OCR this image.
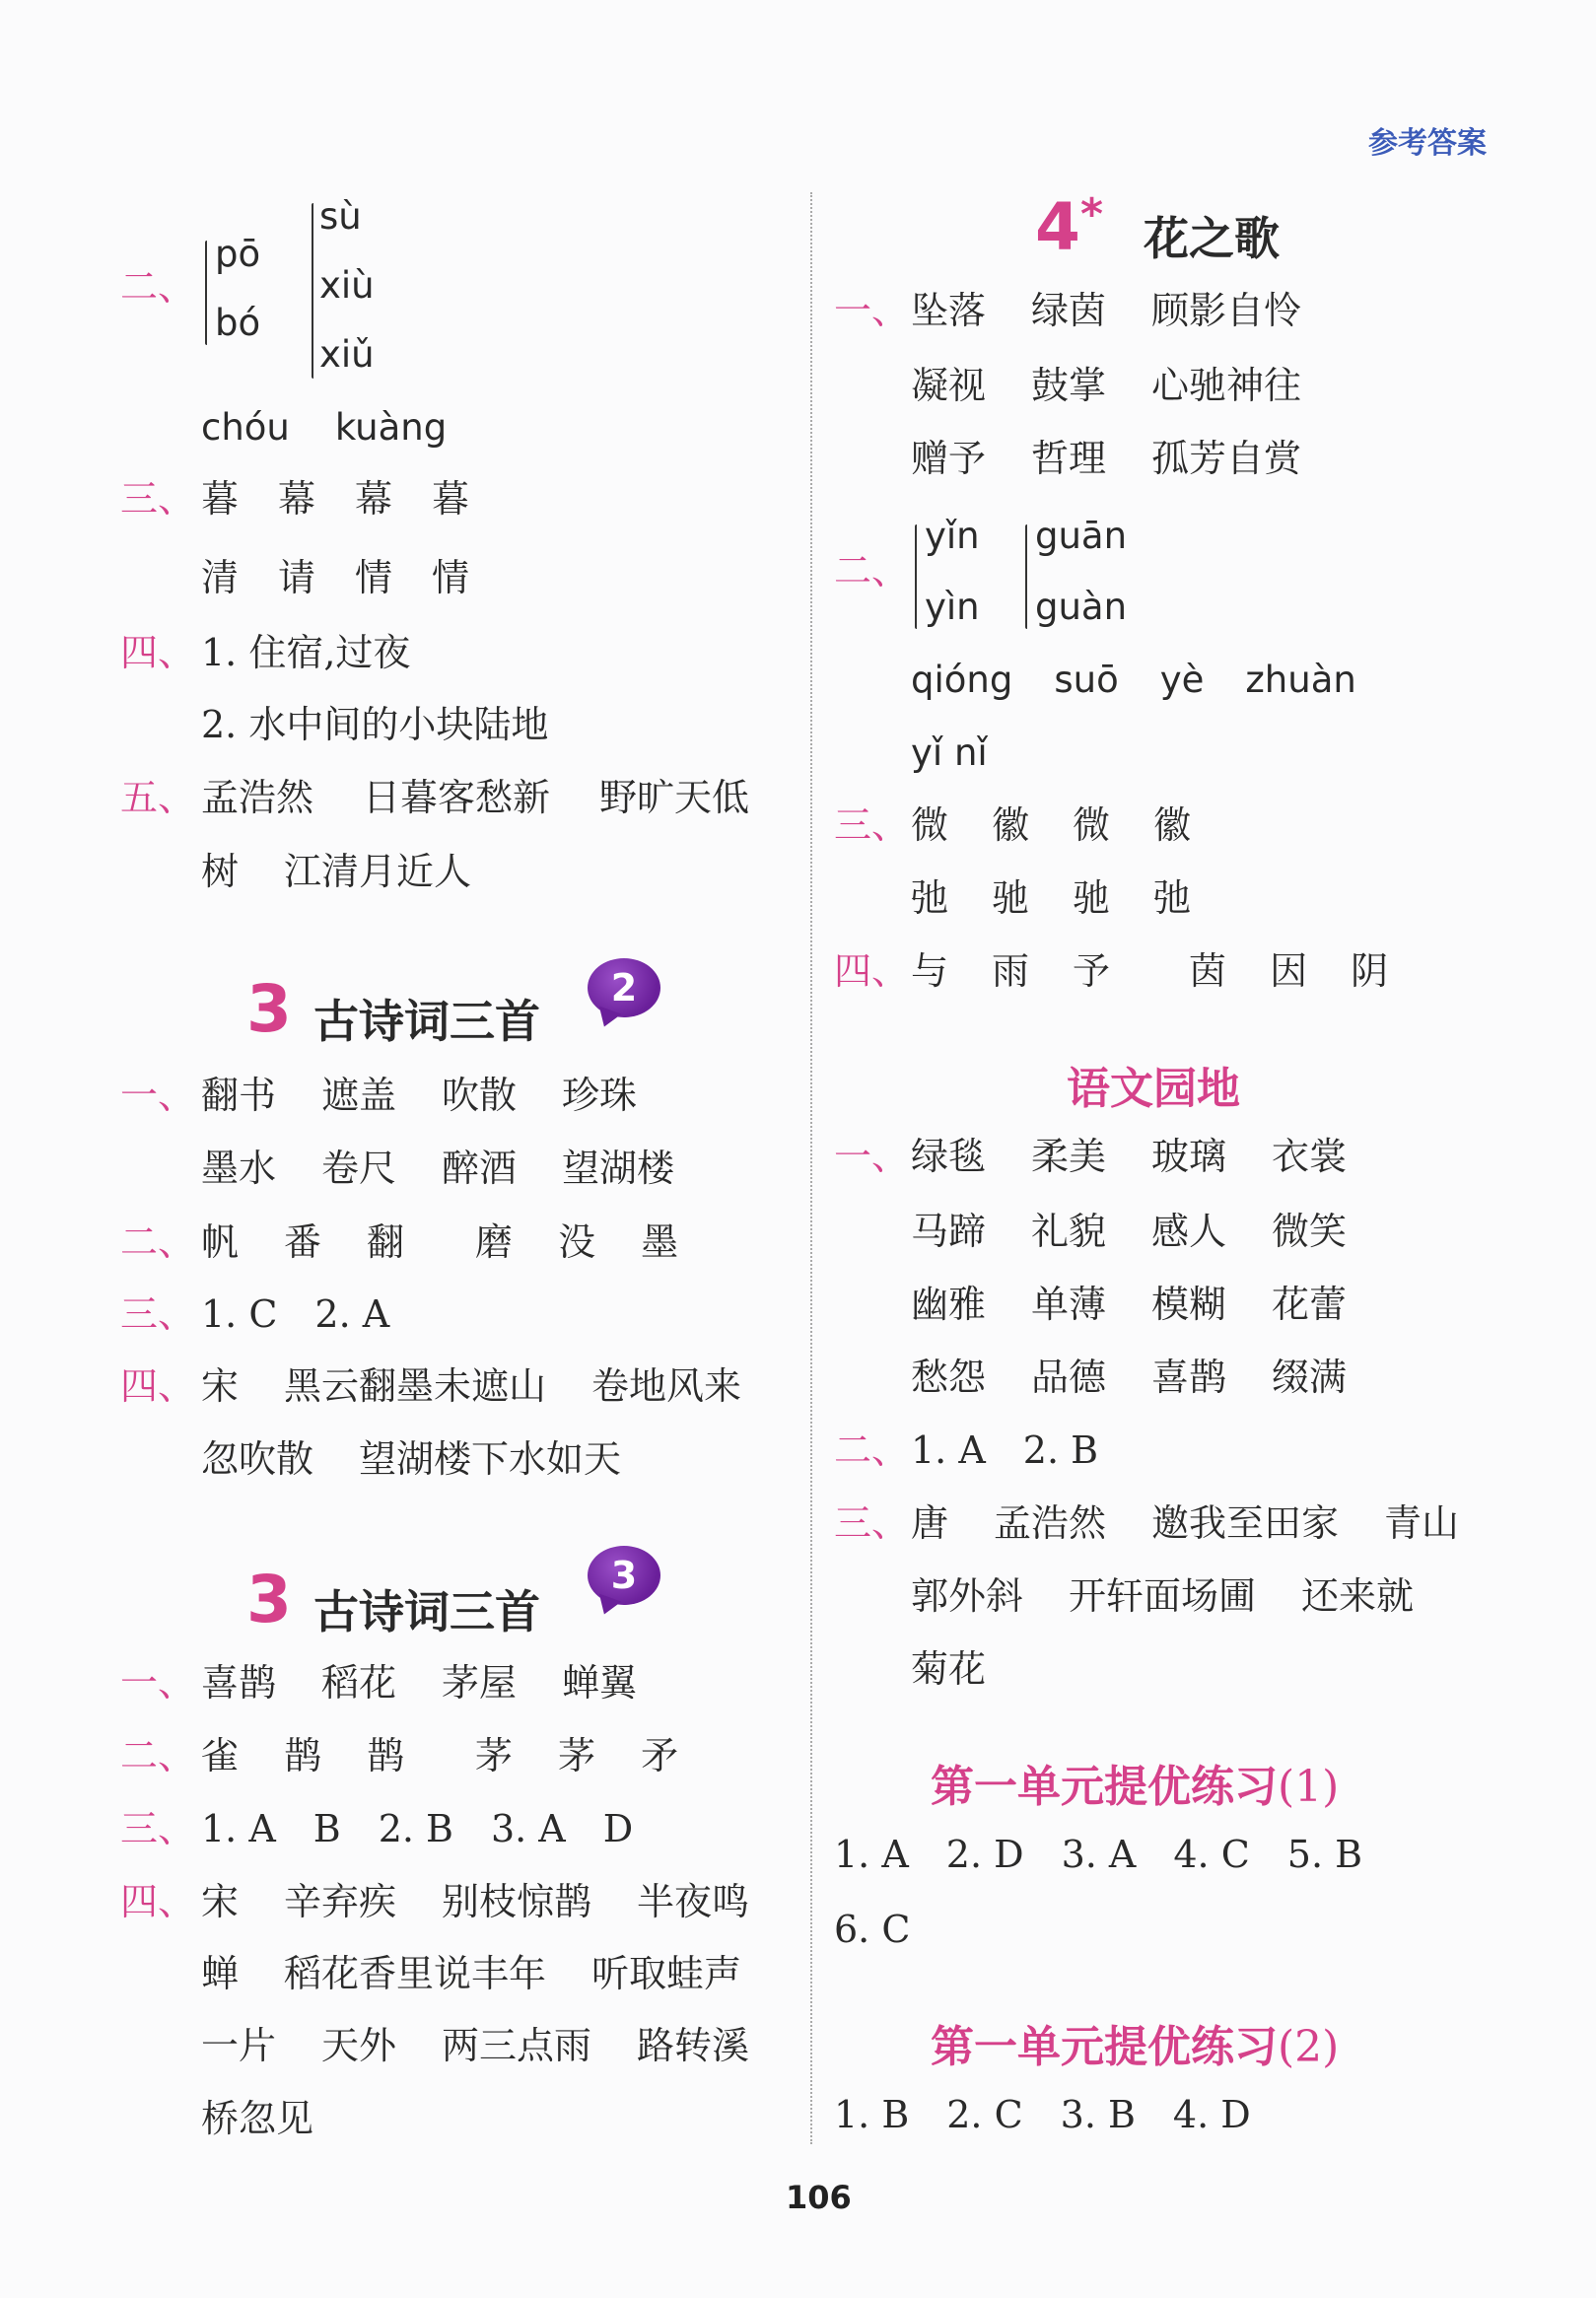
参考答案
二、
pō
bó
sù
xiù
xiǔ
chóu kuàng
三、 暮 幕 幕 暮
清 请 情 情
四、 1. 住宿,过夜
2. 水中间的小块陆地
五、 孟浩然 日暮客愁新 野旷天低
树 江清月近人
3 古诗词三首
2
一、 翻书 遮盖 吹散 珍珠
墨水 卷尺 醉酒 望湖楼
二、 帆 番 翻 磨 没 墨
三、 1. C　2. A
四、 宋 黑云翻墨未遮山 卷地风来
忽吹散 望湖楼下水如天
3 古诗词三首
3
一、 喜鹊 稻花 茅屋 蝉翼
二、 雀 鹊 鹊 茅 茅 矛
三、 1. A　B　2. B　3. A　D
四、 宋 辛弃疾 别枝惊鹊 半夜鸣
蝉 稻花香里说丰年 听取蛙声
一片 天外 两三点雨 路转溪
桥忽见
4* 花之歌
一、 坠落 绿茵 顾影自怜
凝视 鼓掌 心驰神往
赠予 哲理 孤芳自赏
二、
yǐn
yìn
guān
guàn
qióng suō yè zhuàn
yǐ nǐ
三、 微 徽 微 徽
弛 驰 驰 弛
四、 与 雨 予 茵 因 阴
语文园地
一、 绿毯 柔美 玻璃 衣裳
马蹄 礼貌 感人 微笑
幽雅 单薄 模糊 花蕾
愁怨 品德 喜鹊 缀满
二、 1. A　2. B
三、 唐 孟浩然 邀我至田家 青山
郭外斜 开轩面场圃 还来就
菊花
第一单元提优练习(1)
1. A　2. D　3. A　4. C　5. B
6. C
第一单元提优练习(2)
1. B　2. C　3. B　4. D
106
